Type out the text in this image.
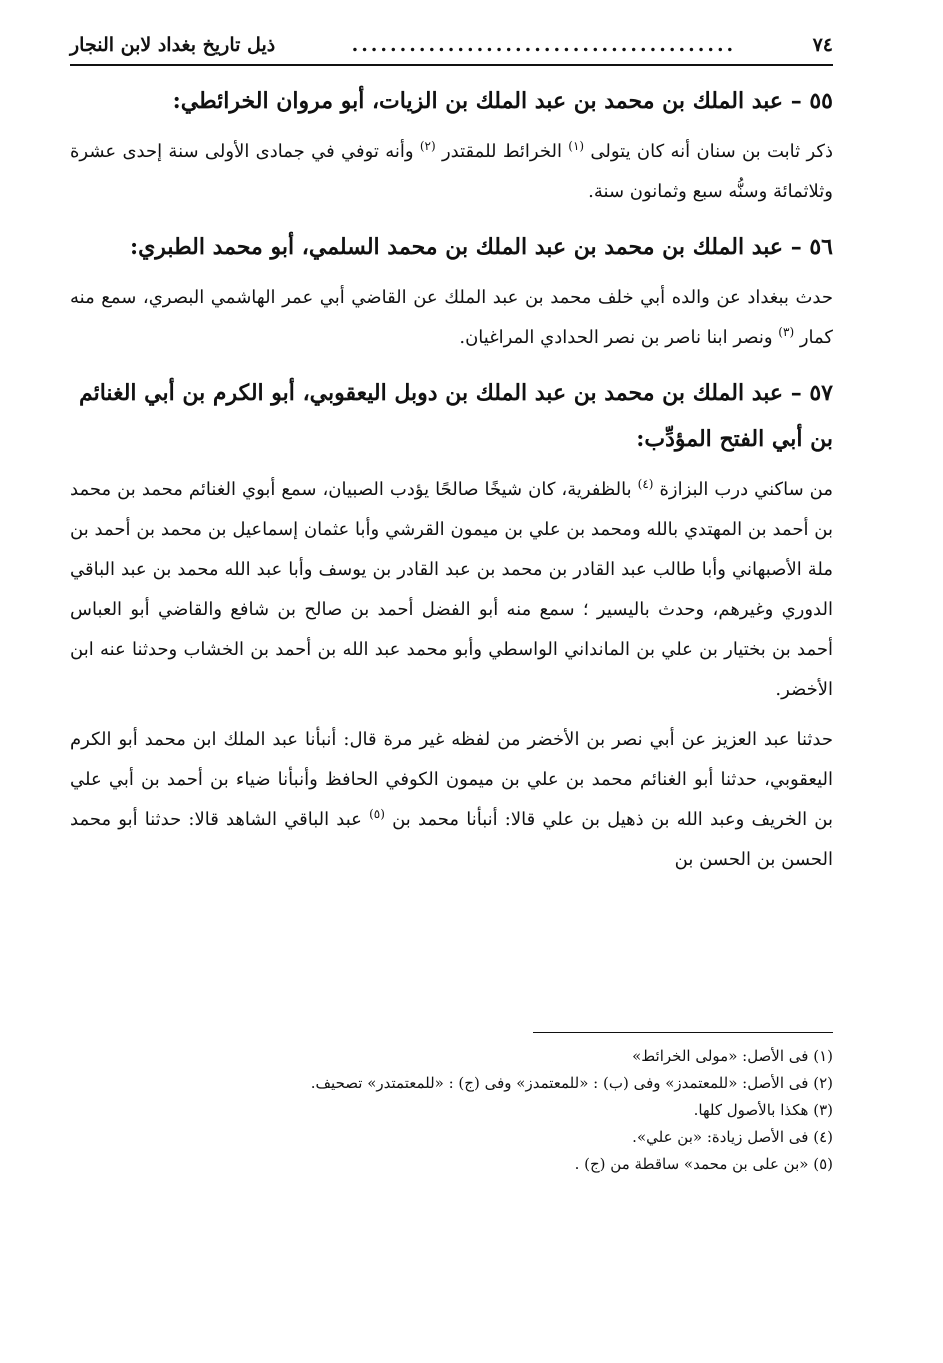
٧٤
........................................
ذيل تاريخ بغداد لابن النجار
٥٥ – عبد الملك بن محمد بن عبد الملك بن الزيات، أبو مروان الخرائطي:

ذكر ثابت بن سنان أنه كان يتولى $^{(١)}$ الخرائط للمقتدر $^{(٢)}$ وأنه توفي في جمادى الأولى سنة إحدى عشرة وثلاثمائة وسنُّه سبع وثمانون سنة.

٥٦ – عبد الملك بن محمد بن عبد الملك بن محمد السلمي، أبو محمد الطبري:

حدث ببغداد عن والده أبي خلف محمد بن عبد الملك عن القاضي أبي عمر الهاشمي البصري، سمع منه كمار $^{(٣)}$ ونصر ابنا ناصر بن نصر الحدادي المراغيان.

٥٧ – عبد الملك بن محمد بن عبد الملك بن دوبل اليعقوبي، أبو الكرم بن أبي الغنائم بن أبي الفتح المؤدِّب:

من ساكني درب البزازة $^{(٤)}$ بالظفرية، كان شيخًا صالحًا يؤدب الصبيان، سمع أبوي الغنائم محمد بن محمد بن أحمد بن المهتدي بالله ومحمد بن علي بن ميمون القرشي وأبا عثمان إسماعيل بن محمد بن أحمد بن ملة الأصبهاني وأبا طالب عبد القادر بن محمد بن عبد القادر بن يوسف وأبا عبد الله محمد بن عبد الباقي الدوري وغيرهم، وحدث باليسير ؛ سمع منه أبو الفضل أحمد بن صالح بن شافع والقاضي أبو العباس أحمد بن بختيار بن علي بن المانداني الواسطي وأبو محمد عبد الله بن أحمد بن الخشاب وحدثنا عنه ابن الأخضر.

حدثنا عبد العزيز عن أبي نصر بن الأخضر من لفظه غير مرة قال: أنبأنا عبد الملك ابن محمد أبو الكرم اليعقوبي، حدثنا أبو الغنائم محمد بن علي بن ميمون الكوفي الحافظ وأنبأنا ضياء بن أحمد بن أبي علي بن الخريف وعبد الله بن ذهيل بن علي قالا: أنبأنا محمد بن $^{(٥)}$ عبد الباقي الشاهد قالا: حدثنا أبو محمد الحسن بن الحسن بن

(١) فى الأصل: «مولى الخرائط»
(٢) فى الأصل: «للمعتمدز» وفى (ب) : «للمعتمدز» وفى (ج) : «للمعتمتدر» تصحيف.
(٣) هكذا بالأصول كلها.
(٤) فى الأصل زيادة: «بن علي».
(٥) «بن على بن محمد» ساقطة من (ج) .
